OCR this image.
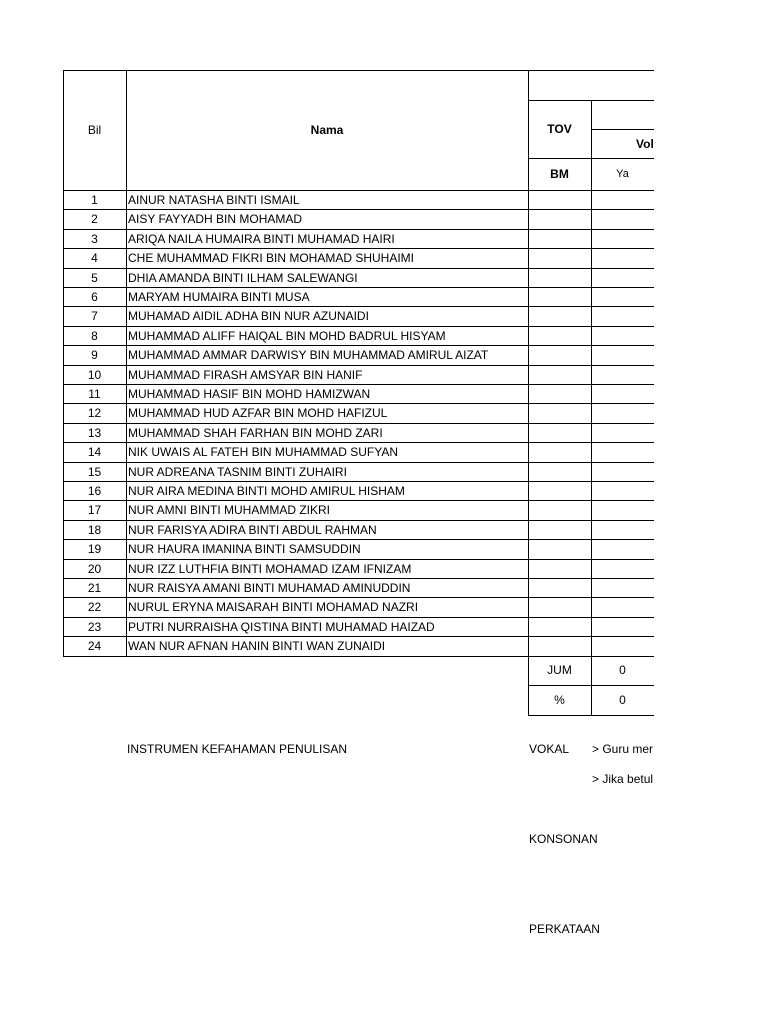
Bil	Nama	TOV
Vol
BM	Ya
1	AINUR NATASHA BINTI ISMAIL
2	AISY FAYYADH BIN MOHAMAD
3	ARIQA NAILA HUMAIRA BINTI MUHAMAD HAIRI
4	CHE MUHAMMAD FIKRI BIN MOHAMAD SHUHAIMI
5	DHIA AMANDA BINTI ILHAM SALEWANGI
6	MARYAM HUMAIRA BINTI MUSA
7	MUHAMAD AIDIL ADHA BIN NUR AZUNAIDI
8	MUHAMMAD ALIFF HAIQAL BIN MOHD BADRUL HISYAM
9	MUHAMMAD AMMAR DARWISY BIN MUHAMMAD AMIRUL AIZAT
10	MUHAMMAD FIRASH AMSYAR BIN HANIF
11	MUHAMMAD HASIF BIN MOHD HAMIZWAN
12	MUHAMMAD HUD AZFAR BIN MOHD HAFIZUL
13	MUHAMMAD SHAH FARHAN BIN MOHD ZARI
14	NIK UWAIS AL FATEH BIN MUHAMMAD SUFYAN
15	NUR ADREANA TASNIM BINTI ZUHAIRI
16	NUR AIRA MEDINA BINTI MOHD AMIRUL HISHAM
17	NUR AMNI BINTI MUHAMMAD ZIKRI
18	NUR FARISYA ADIRA BINTI ABDUL RAHMAN
19	NUR HAURA IMANINA BINTI SAMSUDDIN
20	NUR IZZ LUTHFIA BINTI MOHAMAD IZAM IFNIZAM
21	NUR RAISYA AMANI BINTI MUHAMAD AMINUDDIN
22	NURUL ERYNA MAISARAH BINTI MOHAMAD NAZRI
23	PUTRI NURRAISHA QISTINA BINTI MUHAMAD HAIZAD
24	WAN NUR AFNAN HANIN BINTI WAN ZUNAIDI
JUM	0
%	0
INSTRUMEN KEFAHAMAN PENULISAN	VOKAL > Guru mer
> Jika betul
KONSONAN
PERKATAAN
